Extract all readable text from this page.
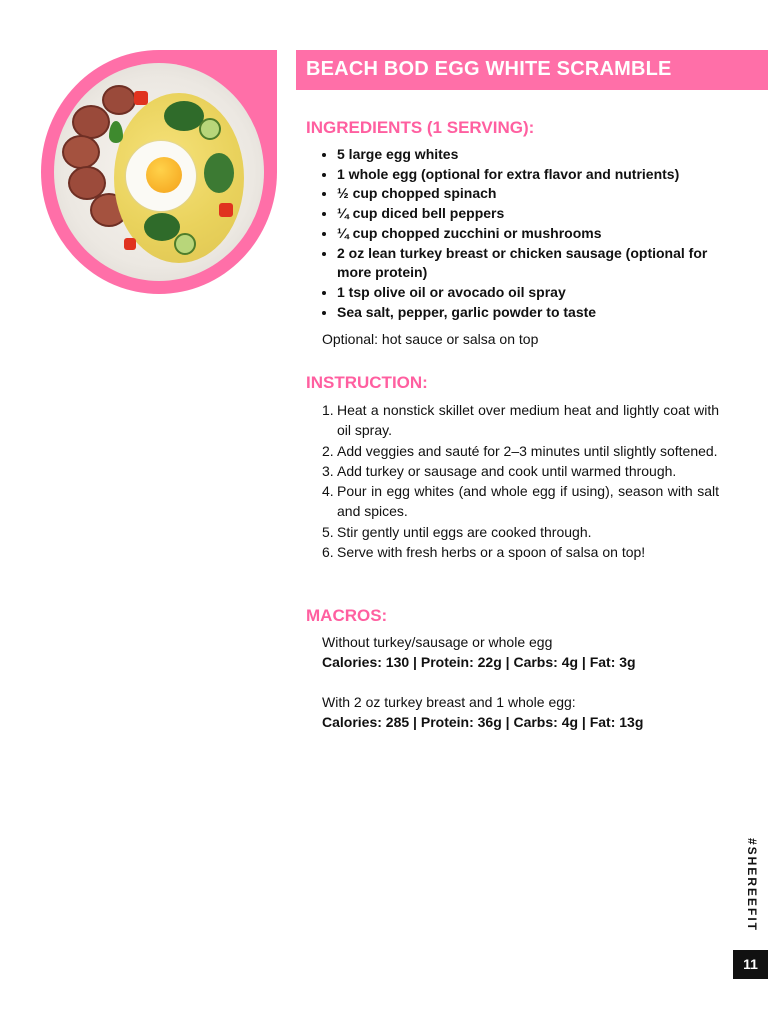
BEACH BOD EGG WHITE SCRAMBLE
INGREDIENTS (1 SERVING):
• 5 large egg whites
• 1 whole egg (optional for extra flavor and nutrients)
• ½ cup chopped spinach
• ¼ cup diced bell peppers
• ¼ cup chopped zucchini or mushrooms
• 2 oz lean turkey breast or chicken sausage (optional for more protein)
• 1 tsp olive oil or avocado oil spray
• Sea salt, pepper, garlic powder to taste
Optional: hot sauce or salsa on top
INSTRUCTION:
1. Heat a nonstick skillet over medium heat and lightly coat with oil spray.
2. Add veggies and sauté for 2–3 minutes until slightly softened.
3. Add turkey or sausage and cook until warmed through.
4. Pour in egg whites (and whole egg if using), season with salt and spices.
5. Stir gently until eggs are cooked through.
6. Serve with fresh herbs or a spoon of salsa on top!
MACROS:
Without turkey/sausage or whole egg
Calories: 130 | Protein: 22g | Carbs: 4g | Fat: 3g
With 2 oz turkey breast and 1 whole egg:
Calories: 285 | Protein: 36g | Carbs: 4g | Fat: 13g
#SHEREEFIT
11
